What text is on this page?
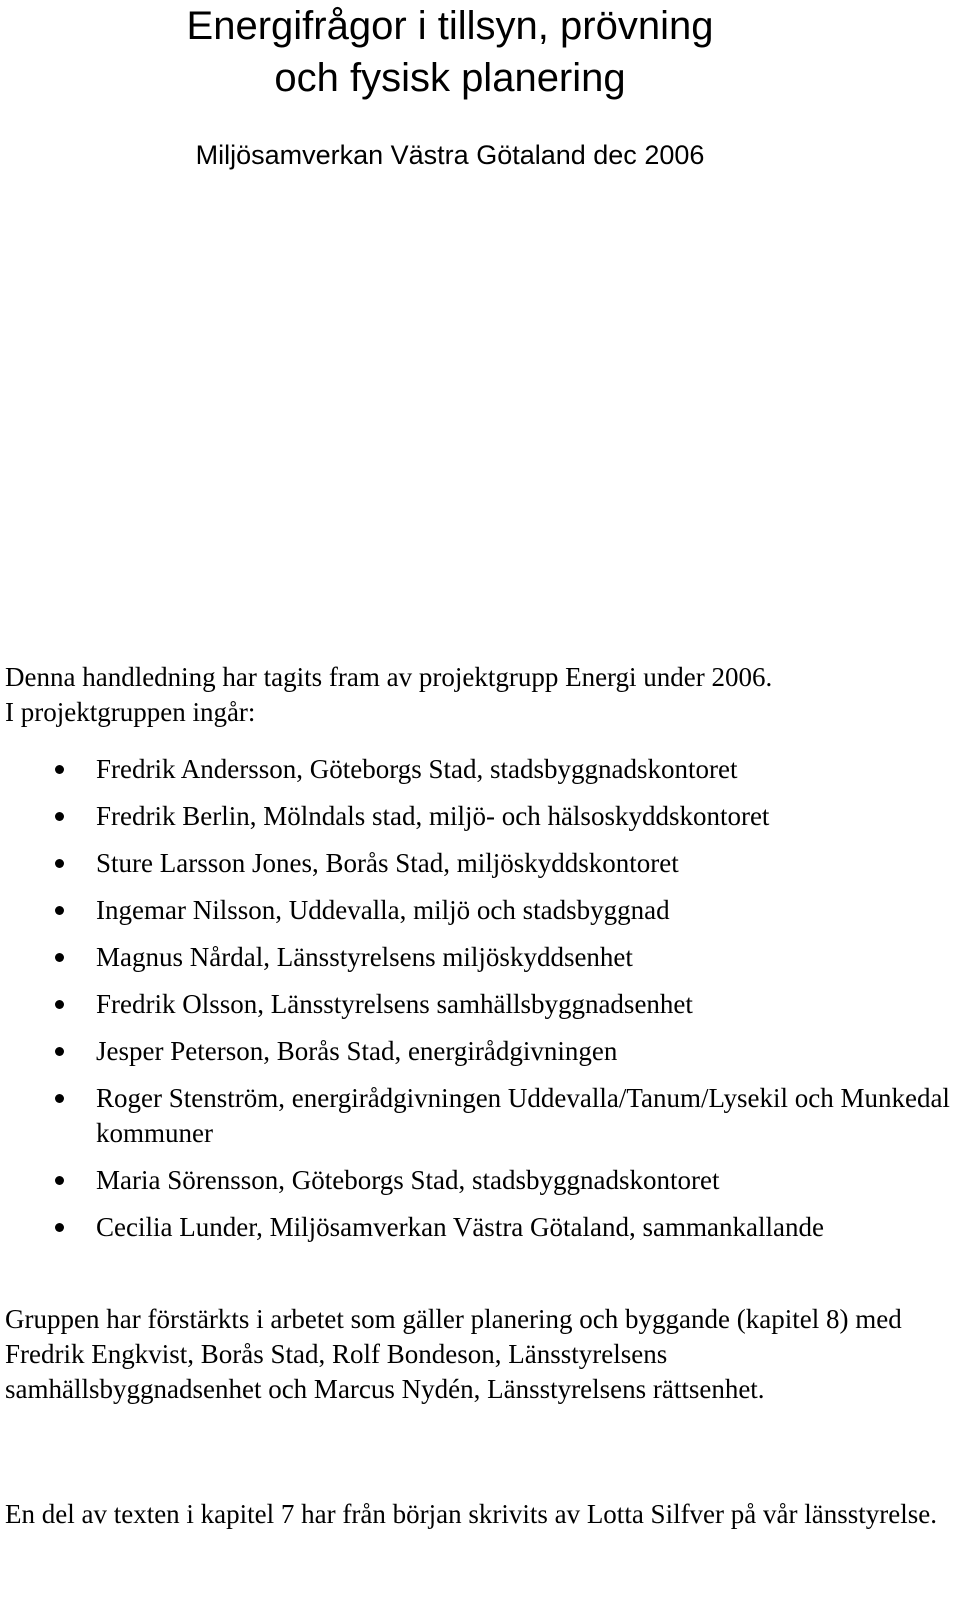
Energifrågor i tillsyn, prövning
och fysisk planering
Miljösamverkan Västra Götaland dec 2006
Denna handledning har tagits fram av projektgrupp Energi under 2006.
I projektgruppen ingår:
Fredrik Andersson, Göteborgs Stad, stadsbyggnadskontoret
Fredrik Berlin, Mölndals stad, miljö- och hälsoskyddskontoret
Sture Larsson Jones, Borås Stad, miljöskyddskontoret
Ingemar Nilsson, Uddevalla, miljö och stadsbyggnad
Magnus Nårdal, Länsstyrelsens miljöskyddsenhet
Fredrik Olsson, Länsstyrelsens samhällsbyggnadsenhet
Jesper Peterson, Borås Stad, energirådgivningen
Roger Stenström, energirådgivningen Uddevalla/Tanum/Lysekil och Munkedal kommuner
Maria Sörensson, Göteborgs Stad, stadsbyggnadskontoret
Cecilia Lunder, Miljösamverkan Västra Götaland, sammankallande

Gruppen har förstärkts i arbetet som gäller planering och byggande (kapitel 8) med Fredrik Engkvist, Borås Stad, Rolf Bondeson, Länsstyrelsens samhällsbyggnadsenhet och Marcus Nydén, Länsstyrelsens rättsenhet.

En del av texten i kapitel 7 har från början skrivits av Lotta Silfver på vår länsstyrelse.
